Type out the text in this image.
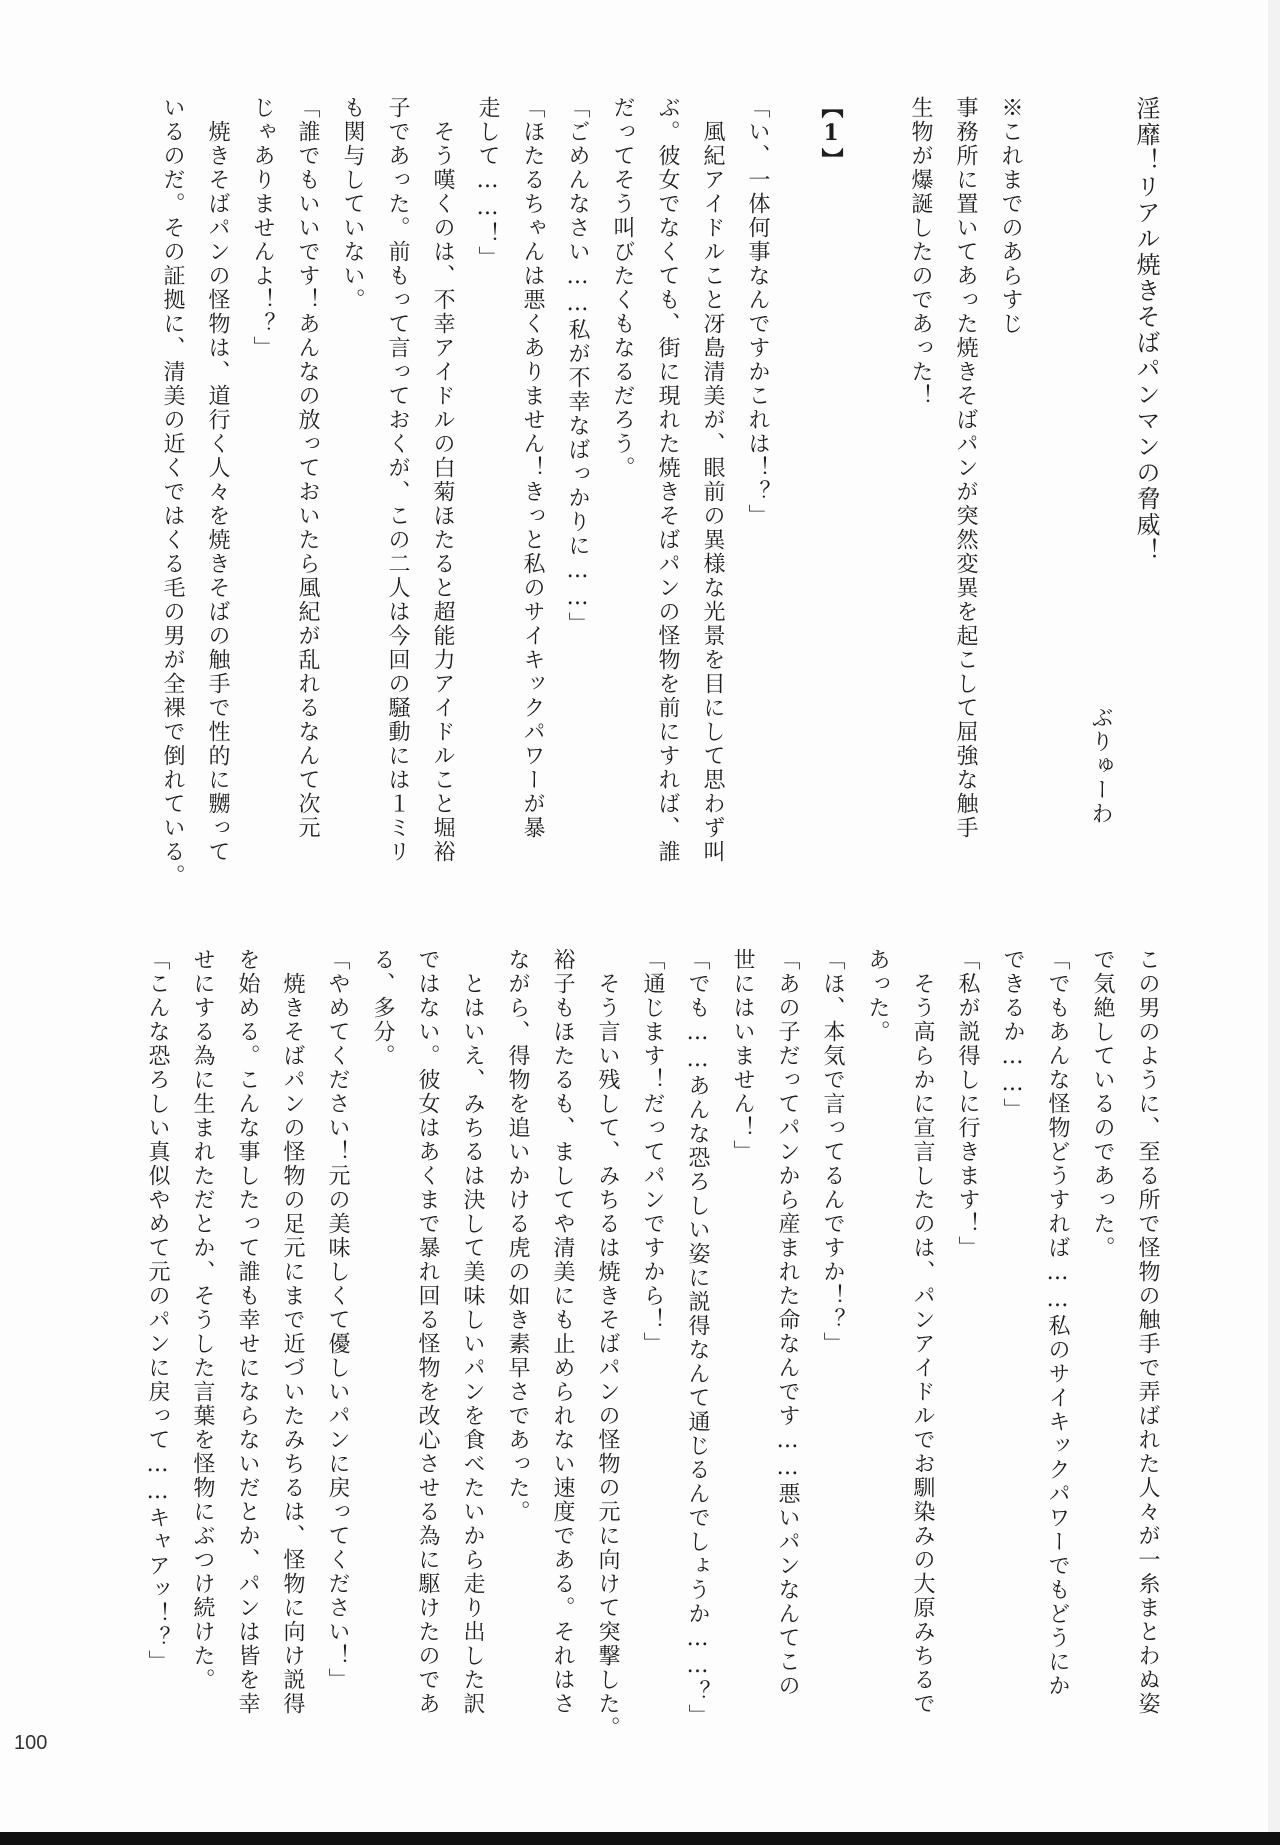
淫靡！リアル焼きそばパンマンの脅威！
ぶりゅーわ

※これまでのあらすじ
事務所に置いてあった焼きそばパンが突然変異を起こして屈強な触手
生物が爆誕したのであった！

【1】
「い、一体何事なんですかこれは！？」
　風紀アイドルこと冴島清美が、眼前の異様な光景を目にして思わず叫
ぶ。彼女でなくても、街に現れた焼きそばパンの怪物を前にすれば、誰
だってそう叫びたくもなるだろう。
「ごめんなさい……私が不幸なばっかりに……」
「ほたるちゃんは悪くありません！きっと私のサイキックパワーが暴
走して……！」
　そう嘆くのは、不幸アイドルの白菊ほたると超能力アイドルこと堀裕
子であった。前もって言っておくが、この二人は今回の騒動には１ミリ
も関与していない。
「誰でもいいです！あんなの放っておいたら風紀が乱れるなんて次元
じゃありませんよ！？」
　焼きそばパンの怪物は、道行く人々を焼きそばの触手で性的に嬲って
いるのだ。その証拠に、清美の近くではくる毛の男が全裸で倒れている。
この男のように、至る所で怪物の触手で弄ばれた人々が一糸まとわぬ姿
で気絶しているのであった。
「でもあんな怪物どうすれば……私のサイキックパワーでもどうにか
できるか……」
「私が説得しに行きます！」
　そう高らかに宣言したのは、パンアイドルでお馴染みの大原みちるで
あった。
「ほ、本気で言ってるんですか！？」
「あの子だってパンから産まれた命なんです……悪いパンなんてこの
世にはいません！」
「でも……あんな恐ろしい姿に説得なんて通じるんでしょうか……？」
「通じます！だってパンですから！」
　そう言い残して、みちるは焼きそばパンの怪物の元に向けて突撃した。
裕子もほたるも、ましてや清美にも止められない速度である。それはさ
ながら、得物を追いかける虎の如き素早さであった。
　とはいえ、みちるは決して美味しいパンを食べたいから走り出した訳
ではない。彼女はあくまで暴れ回る怪物を改心させる為に駆けたのであ
る、多分。
「やめてください！元の美味しくて優しいパンに戻ってください！」
　焼きそばパンの怪物の足元にまで近づいたみちるは、怪物に向け説得
を始める。こんな事したって誰も幸せにならないだとか、パンは皆を幸
せにする為に生まれただとか、そうした言葉を怪物にぶつけ続けた。
「こんな恐ろしい真似やめて元のパンに戻って……キャアッ！？」
100
